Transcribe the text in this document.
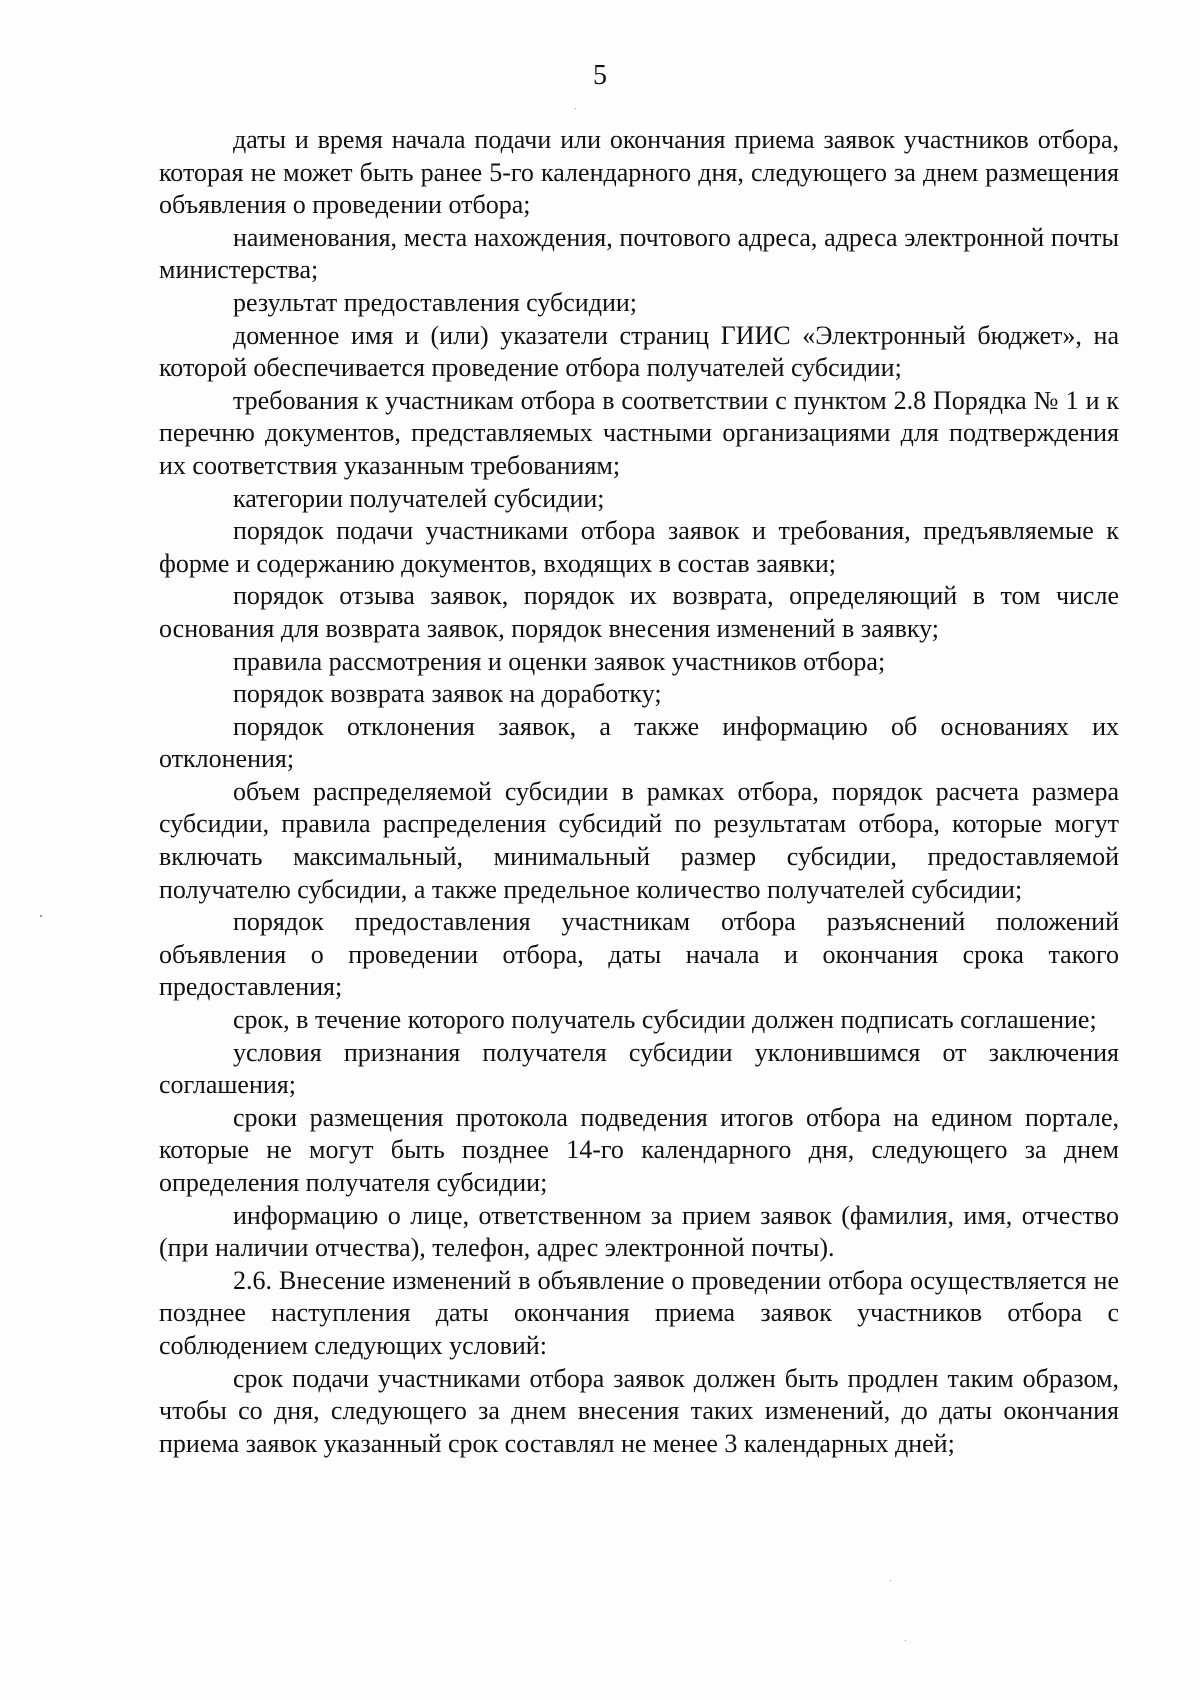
5

даты и время начала подачи или окончания приема заявок участников отбора, которая не может быть ранее 5-го календарного дня, следующего за днем размещения объявления о проведении отбора;

наименования, места нахождения, почтового адреса, адреса электронной почты министерства;

результат предоставления субсидии;

доменное имя и (или) указатели страниц ГИИС «Электронный бюджет», на которой обеспечивается проведение отбора получателей субсидии;

требования к участникам отбора в соответствии с пунктом 2.8 Порядка № 1 и к перечню документов, представляемых частными организациями для подтверждения их соответствия указанным требованиям;

категории получателей субсидии;

порядок подачи участниками отбора заявок и требования, предъявляемые к форме и содержанию документов, входящих в состав заявки;

порядок отзыва заявок, порядок их возврата, определяющий в том числе основания для возврата заявок, порядок внесения изменений в заявку;

правила рассмотрения и оценки заявок участников отбора;

порядок возврата заявок на доработку;

порядок отклонения заявок, а также информацию об основаниях их отклонения;

объем распределяемой субсидии в рамках отбора, порядок расчета размера субсидии, правила распределения субсидий по результатам отбора, которые могут включать максимальный, минимальный размер субсидии, предоставляемой получателю субсидии, а также предельное количество получателей субсидии;

порядок предоставления участникам отбора разъяснений положений объявления о проведении отбора, даты начала и окончания срока такого предоставления;

срок, в течение которого получатель субсидии должен подписать соглашение;

условия признания получателя субсидии уклонившимся от заключения соглашения;

сроки размещения протокола подведения итогов отбора на едином портале, которые не могут быть позднее 14-го календарного дня, следующего за днем определения получателя субсидии;

информацию о лице, ответственном за прием заявок (фамилия, имя, отчество (при наличии отчества), телефон, адрес электронной почты).

2.6. Внесение изменений в объявление о проведении отбора осуществляется не позднее наступления даты окончания приема заявок участников отбора с соблюдением следующих условий:

срок подачи участниками отбора заявок должен быть продлен таким образом, чтобы со дня, следующего за днем внесения таких изменений, до даты окончания приема заявок указанный срок составлял не менее 3 календарных дней;
